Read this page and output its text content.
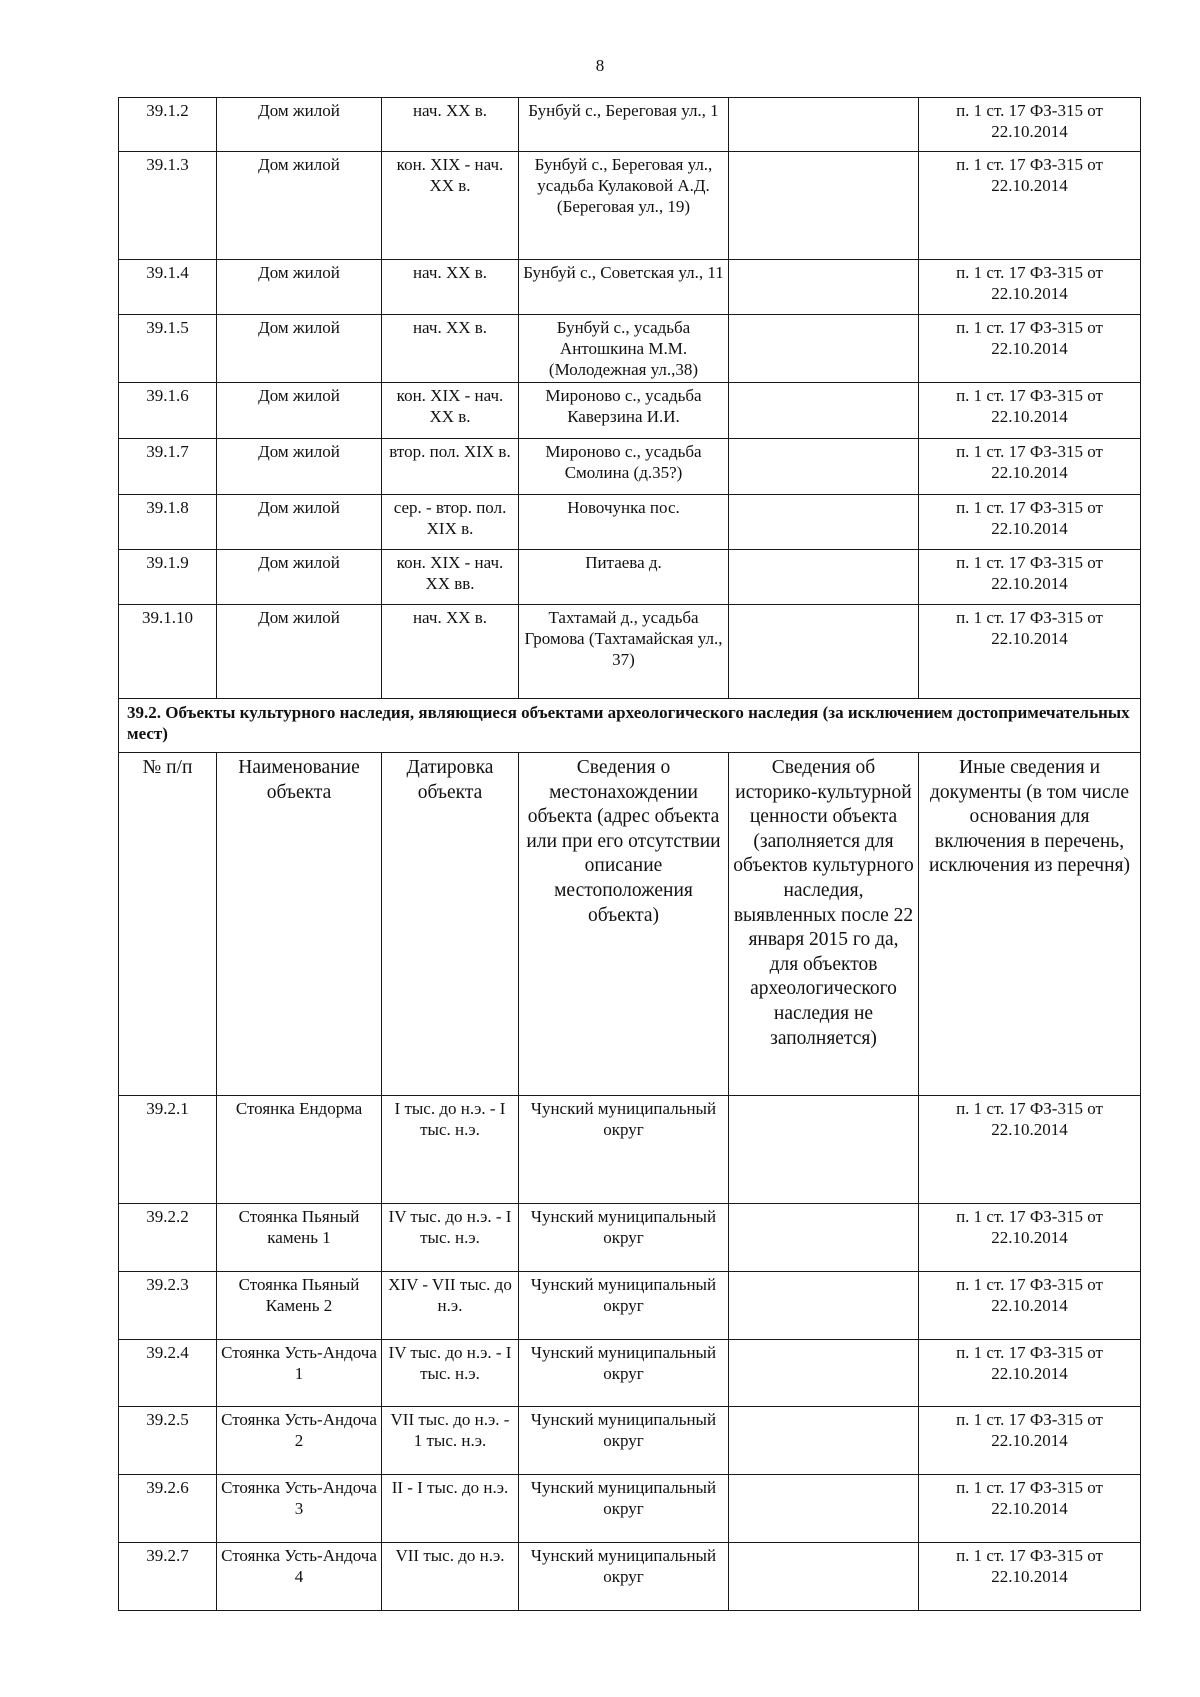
8
39.1.2	Дом жилой	нач. XX в.	Бунбуй с., Береговая ул., 1		п. 1 ст. 17 ФЗ-315 от 22.10.2014
39.1.3	Дом жилой	кон. XIX - нач. XX в.	Бунбуй с., Береговая ул., усадьба Кулаковой А.Д. (Береговая ул., 19)		п. 1 ст. 17 ФЗ-315 от 22.10.2014
39.1.4	Дом жилой	нач. XX в.	Бунбуй с., Советская ул., 11		п. 1 ст. 17 ФЗ-315 от 22.10.2014
39.1.5	Дом жилой	нач. XX в.	Бунбуй с., усадьба Антошкина М.М. (Молодежная ул.,38)		п. 1 ст. 17 ФЗ-315 от 22.10.2014
39.1.6	Дом жилой	кон. XIX - нач. XX в.	Мироново с., усадьба Каверзина И.И.		п. 1 ст. 17 ФЗ-315 от 22.10.2014
39.1.7	Дом жилой	втор. пол. XIX в.	Мироново с., усадьба Смолина (д.35?)		п. 1 ст. 17 ФЗ-315 от 22.10.2014
39.1.8	Дом жилой	сер. - втор. пол. XIX в.	Новочунка пос.		п. 1 ст. 17 ФЗ-315 от 22.10.2014
39.1.9	Дом жилой	кон. XIX - нач. XX вв.	Питаева д.		п. 1 ст. 17 ФЗ-315 от 22.10.2014
39.1.10	Дом жилой	нач. XX в.	Тахтамай д., усадьба Громова (Тахтамайская ул., 37)		п. 1 ст. 17 ФЗ-315 от 22.10.2014
39.2. Объекты культурного наследия, являющиеся объектами археологического наследия (за исключением достопримечательных мест)					
№ п/п	Наименование объекта	Датировка объекта	Сведения о местонахождении объекта (адрес объекта или при его отсутствии описание местоположения объекта)	Сведения об историко-культурной ценности объекта (заполняется для объектов культурного наследия, выявленных после 22 января 2015 го да, для объектов археологического наследия не заполняется)	Иные сведения и документы (в том числе основания для включения в перечень, исключения из перечня)
39.2.1	Стоянка Ендорма	I тыс. до н.э. - I тыс. н.э.	Чунский муниципальный округ		п. 1 ст. 17 ФЗ-315 от 22.10.2014
39.2.2	Стоянка Пьяный камень 1	IV тыс. до н.э. - I тыс. н.э.	Чунский муниципальный округ		п. 1 ст. 17 ФЗ-315 от 22.10.2014
39.2.3	Стоянка Пьяный Камень 2	XIV - VII тыс. до н.э.	Чунский муниципальный округ		п. 1 ст. 17 ФЗ-315 от 22.10.2014
39.2.4	Стоянка Усть-Андоча 1	IV тыс. до н.э. - I тыс. н.э.	Чунский муниципальный округ		п. 1 ст. 17 ФЗ-315 от 22.10.2014
39.2.5	Стоянка Усть-Андоча 2	VII тыс. до н.э. - 1 тыс. н.э.	Чунский муниципальный округ		п. 1 ст. 17 ФЗ-315 от 22.10.2014
39.2.6	Стоянка Усть-Андоча 3	II - I тыс. до н.э.	Чунский муниципальный округ		п. 1 ст. 17 ФЗ-315 от 22.10.2014
39.2.7	Стоянка Усть-Андоча 4	VII тыс. до н.э.	Чунский муниципальный округ		п. 1 ст. 17 ФЗ-315 от 22.10.2014
